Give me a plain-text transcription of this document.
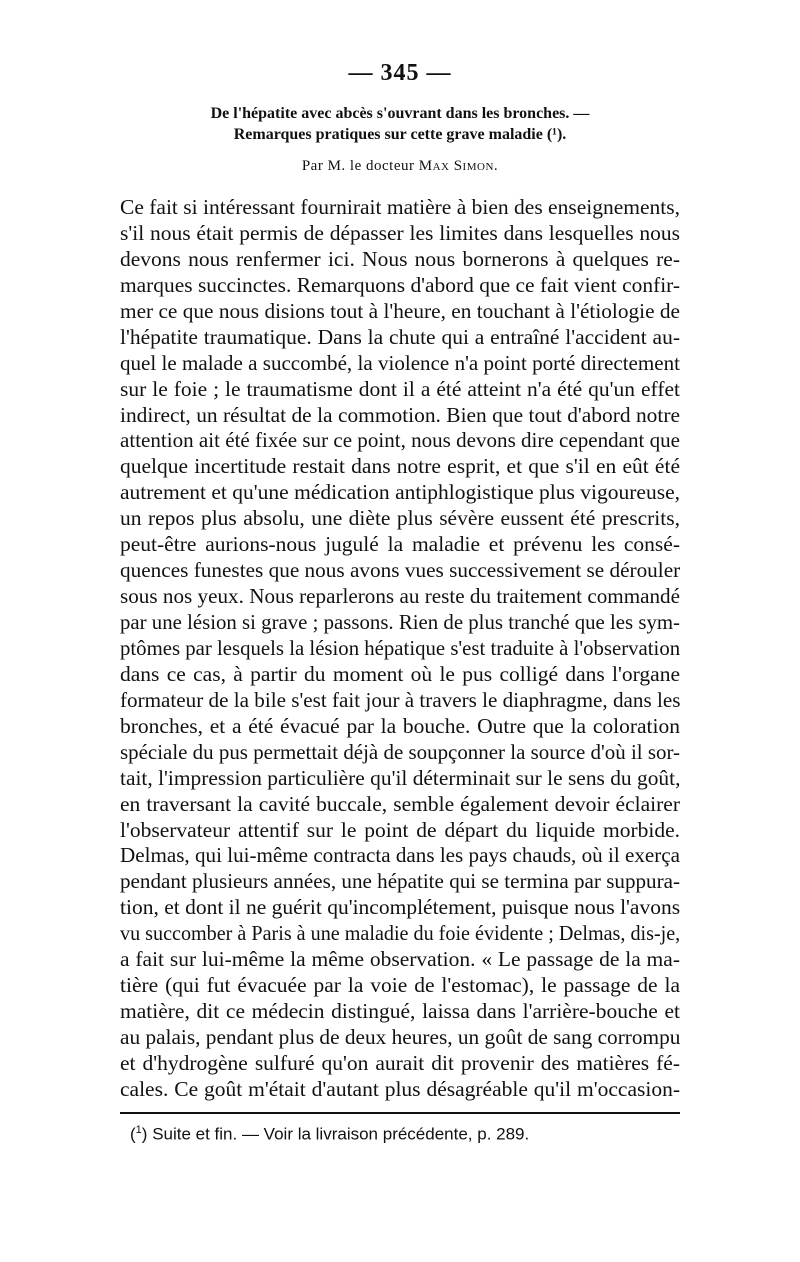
— 345 —
De l'hépatite avec abcès s'ouvrant dans les bronches. —
Remarques pratiques sur cette grave maladie (¹).
Par M. le docteur Max Simon.
Ce fait si intéressant fournirait matière à bien des enseignements,
s'il nous était permis de dépasser les limites dans lesquelles nous
devons nous renfermer ici. Nous nous bornerons à quelques re-
marques succinctes. Remarquons d'abord que ce fait vient confir-
mer ce que nous disions tout à l'heure, en touchant à l'étiologie de
l'hépatite traumatique. Dans la chute qui a entraîné l'accident au-
quel le malade a succombé, la violence n'a point porté directement
sur le foie ; le traumatisme dont il a été atteint n'a été qu'un effet
indirect, un résultat de la commotion. Bien que tout d'abord notre
attention ait été fixée sur ce point, nous devons dire cependant que
quelque incertitude restait dans notre esprit, et que s'il en eût été
autrement et qu'une médication antiphlogistique plus vigoureuse,
un repos plus absolu, une diète plus sévère eussent été prescrits,
peut-être aurions-nous jugulé la maladie et prévenu les consé-
quences funestes que nous avons vues successivement se dérouler
sous nos yeux. Nous reparlerons au reste du traitement commandé
par une lésion si grave ; passons. Rien de plus tranché que les sym-
ptômes par lesquels la lésion hépatique s'est traduite à l'observation
dans ce cas, à partir du moment où le pus colligé dans l'organe
formateur de la bile s'est fait jour à travers le diaphragme, dans les
bronches, et a été évacué par la bouche. Outre que la coloration
spéciale du pus permettait déjà de soupçonner la source d'où il sor-
tait, l'impression particulière qu'il déterminait sur le sens du goût,
en traversant la cavité buccale, semble également devoir éclairer
l'observateur attentif sur le point de départ du liquide morbide.
Delmas, qui lui-même contracta dans les pays chauds, où il exerça
pendant plusieurs années, une hépatite qui se termina par suppura-
tion, et dont il ne guérit qu'incomplétement, puisque nous l'avons
vu succomber à Paris à une maladie du foie évidente ; Delmas, dis-je,
a fait sur lui-même la même observation. « Le passage de la ma-
tière (qui fut évacuée par la voie de l'estomac), le passage de la
matière, dit ce médecin distingué, laissa dans l'arrière-bouche et
au palais, pendant plus de deux heures, un goût de sang corrompu
et d'hydrogène sulfuré qu'on aurait dit provenir des matières fé-
cales. Ce goût m'était d'autant plus désagréable qu'il m'occasion-
($^1$) Suite et fin. — Voir la livraison précédente, p. 289.
